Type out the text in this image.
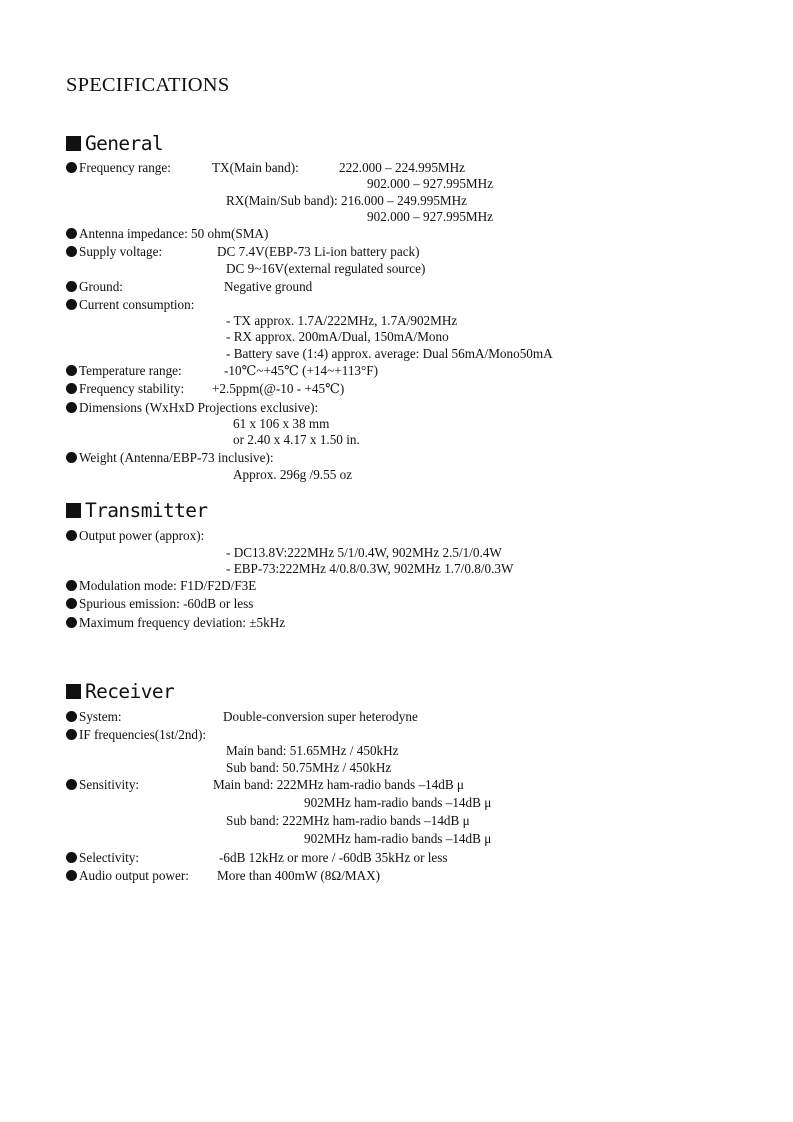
SPECIFICATIONS
General
Frequency range:	TX(Main band):	222.000 – 224.995MHz
902.000 – 927.995MHz
RX(Main/Sub band): 216.000 – 249.995MHz
902.000 – 927.995MHz
Antenna impedance: 50 ohm(SMA)
Supply voltage:	DC 7.4V(EBP-73 Li-ion battery pack)
DC 9~16V(external regulated source)
Ground:	Negative ground
Current consumption:
- TX approx. 1.7A/222MHz, 1.7A/902MHz
- RX approx. 200mA/Dual, 150mA/Mono
- Battery save (1:4) approx. average: Dual 56mA/Mono50mA
Temperature range:	-10℃~+45℃ (+14~+113°F)
Frequency stability: +2.5ppm(@-10 - +45℃)
Dimensions (WxHxD Projections exclusive):
61 x 106 x 38 mm
or 2.40 x 4.17 x 1.50 in.
Weight (Antenna/EBP-73 inclusive):
Approx. 296g /9.55 oz
Transmitter
Output power (approx):
- DC13.8V:222MHz 5/1/0.4W, 902MHz 2.5/1/0.4W
- EBP-73:222MHz 4/0.8/0.3W, 902MHz 1.7/0.8/0.3W
Modulation mode: F1D/F2D/F3E
Spurious emission: -60dB or less
Maximum frequency deviation: ±5kHz
Receiver
System:	Double-conversion super heterodyne
IF frequencies(1st/2nd):
Main band: 51.65MHz / 450kHz
Sub band: 50.75MHz / 450kHz
Sensitivity:	Main band: 222MHz ham-radio bands –14dB μ
902MHz ham-radio bands –14dB μ
Sub band: 222MHz ham-radio bands –14dB μ
902MHz ham-radio bands –14dB μ
Selectivity:	-6dB 12kHz or more / -60dB 35kHz or less
Audio output power: More than 400mW (8Ω/MAX)
